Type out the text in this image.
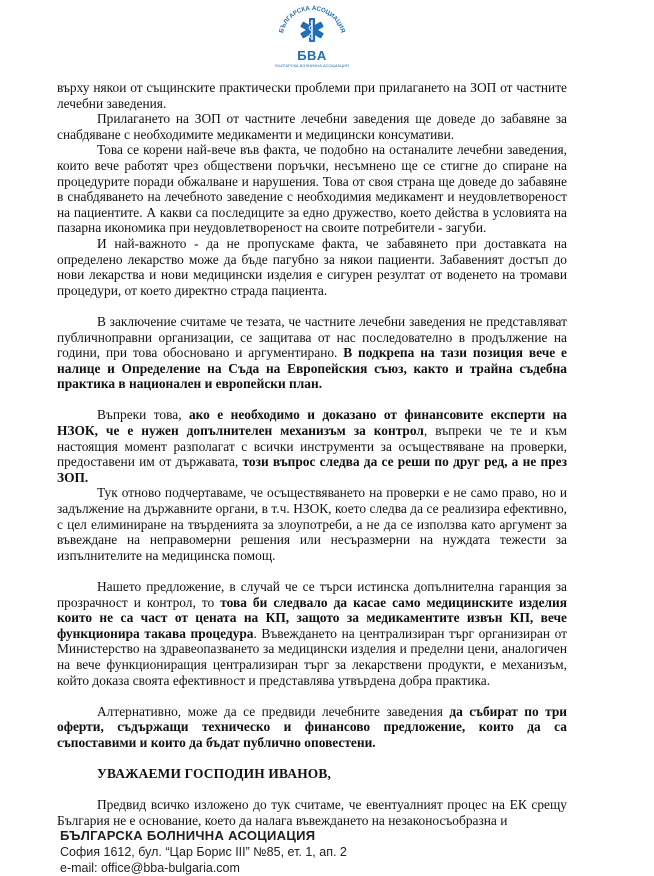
БЪЛГАРСКА АСОЦИАЦИЯ
БBA
БЪЛГАРСКА БОЛНИЧНА АСОЦИАЦИЯ

върху някои от същинските практически проблеми при прилагането на ЗОП от частните лечебни заведения.

Прилагането на ЗОП от частните лечебни заведения ще доведе до забавяне за снабдяване с необходимите медикаменти и медицински консумативи.

Това се корени най-вече във факта, че подобно на останалите лечебни заведения, които вече работят чрез обществени поръчки, несъмнено ще се стигне до спиране на процедурите поради обжалване и нарушения. Това от своя страна ще доведе до забавяне в снабдяването на лечебното заведение с необходимия медикамент и неудовлетвореност на пациентите. А какви са последиците за едно дружество, което действа в условията на пазарна икономика при неудовлетвореност на своите потребители - загуби.

И най-важното - да не пропускаме факта, че забавянето при доставката на определено лекарство може да бъде пагубно за някои пациенти. Забавеният достъп до нови лекарства и нови медицински изделия е сигурен резултат от воденето на тромави процедури, от което директно страда пациента.

В заключение считаме че тезата, че частните лечебни заведения не представляват публичноправни организации, се защитава от нас последователно в продължение на години, при това обосновано и аргументирано. В подкрепа на тази позиция вече е налице и Определение на Съда на Европейския съюз, както и трайна съдебна практика в национален и европейски план.

Въпреки това, ако е необходимо и доказано от финансовите експерти на НЗОК, че е нужен допълнителен механизъм за контрол, въпреки че те и към настоящия момент разполагат с всички инструменти за осъществяване на проверки, предоставени им от държавата, този въпрос следва да се реши по друг ред, а не през ЗОП.

Тук отново подчертаваме, че осъществяването на проверки е не само право, но и задължение на държавните органи, в т.ч. НЗОК, което следва да се реализира ефективно, с цел елиминиране на твърденията за злоупотреби, а не да се използва като аргумент за въвеждане на неправомерни решения или несъразмерни на нуждата тежести за изпълнителите на медицинска помощ.

Нашето предложение, в случай че се търси истинска допълнителна гаранция за прозрачност и контрол, то това би следвало да касае само медицинските изделия които не са част от цената на КП, защото за медикаментите извън КП, вече функционира такава процедура. Въвеждането на централизиран търг организиран от Министерство на здравеопазването за медицински изделия и пределни цени, аналогичен на вече функциониращия централизиран търг за лекарствени продукти, е механизъм, който доказа своята ефективност и представлява утвърдена добра практика.

Алтернативно, може да се предвиди лечебните заведения да събират по три оферти, съдържащи техническо и финансово предложение, които да са съпоставими и които да бъдат публично оповестени.

УВАЖАЕМИ ГОСПОДИН ИВАНОВ,

Предвид всичко изложено до тук считаме, че евентуалният процес на ЕК срещу България не е основание, което да налага въвеждането на незаконосъобразна и

БЪЛГАРСКА БОЛНИЧНА АСОЦИАЦИЯ
София 1612, бул. “Цар Борис III” №85, ет. 1, ап. 2
e-mail: office@bba-bulgaria.com
